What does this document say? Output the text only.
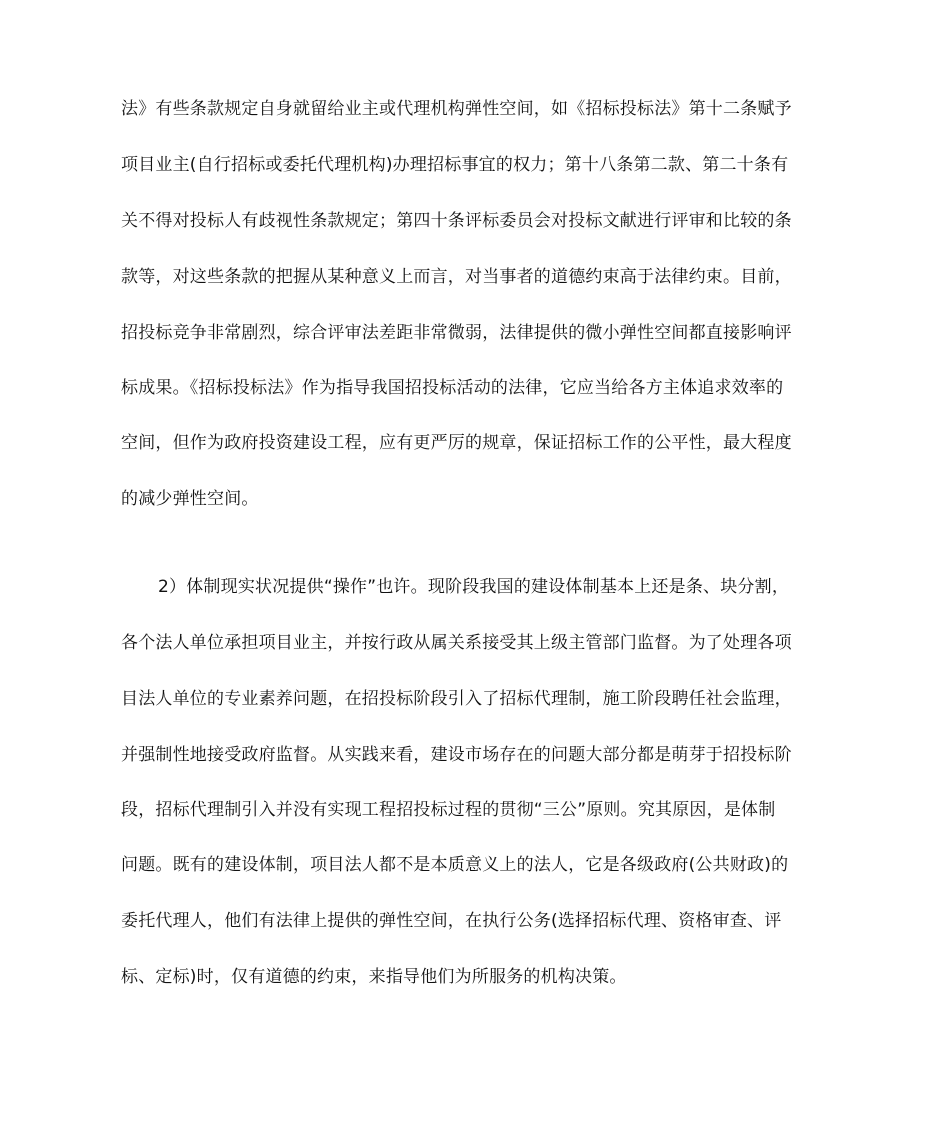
法》有些条款规定自身就留给业主或代理机构弹性空间，如《招标投标法》第十二条赋予
项目业主(自行招标或委托代理机构)办理招标事宜的权力；第十八条第二款、第二十条有
关不得对投标人有歧视性条款规定；第四十条评标委员会对投标文献进行评审和比较的条
款等，对这些条款的把握从某种意义上而言，对当事者的道德约束高于法律约束。目前，
招投标竞争非常剧烈，综合评审法差距非常微弱，法律提供的微小弹性空间都直接影响评
标成果。《招标投标法》作为指导我国招投标活动的法律，它应当给各方主体追求效率的
空间，但作为政府投资建设工程，应有更严厉的规章，保证招标工作的公平性，最大程度
的减少弹性空间。
2）体制现实状况提供“操作”也许。现阶段我国的建设体制基本上还是条、块分割，
各个法人单位承担项目业主，并按行政从属关系接受其上级主管部门监督。为了处理各项
目法人单位的专业素养问题，在招投标阶段引入了招标代理制，施工阶段聘任社会监理，
并强制性地接受政府监督。从实践来看，建设市场存在的问题大部分都是萌芽于招投标阶
段，招标代理制引入并没有实现工程招投标过程的贯彻“三公”原则。究其原因，是体制
问题。既有的建设体制，项目法人都不是本质意义上的法人，它是各级政府(公共财政)的
委托代理人，他们有法律上提供的弹性空间，在执行公务(选择招标代理、资格审查、评
标、定标)时，仅有道德的约束，来指导他们为所服务的机构决策。
